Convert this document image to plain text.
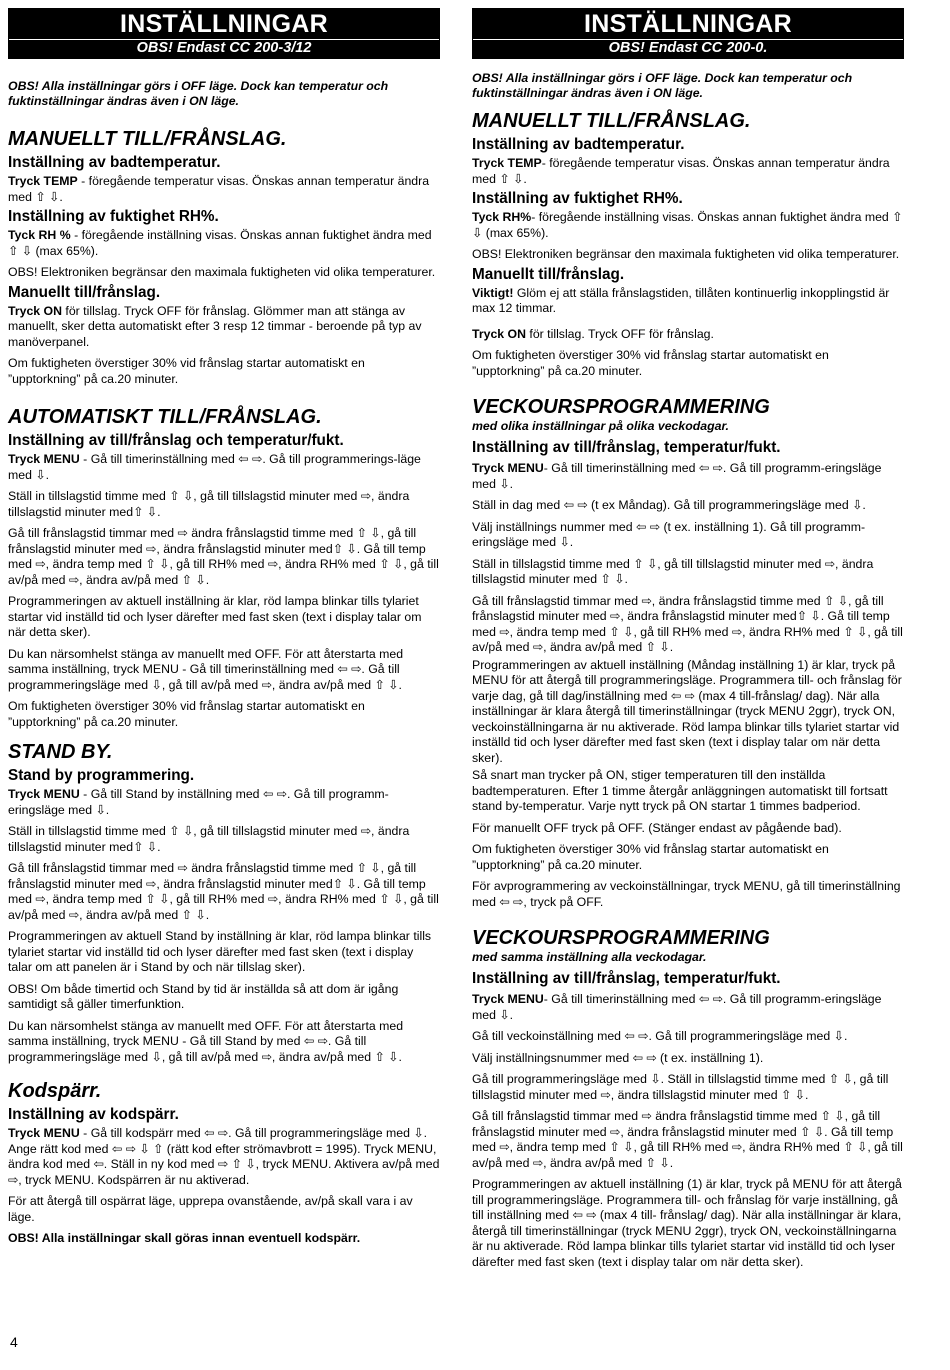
INSTÄLLNINGAR
OBS! Endast CC 200-3/12
OBS! Alla inställningar görs i OFF läge. Dock kan temperatur och fuktinställningar ändras även i ON läge.
MANUELLT TILL/FRÅNSLAG.
Inställning av badtemperatur.
Tryck TEMP - föregående temperatur visas. Önskas annan temperatur ändra med ⇧ ⇩.
Inställning av fuktighet RH%.
Tyck RH % - föregående inställning visas. Önskas annan fuktighet ändra med ⇧ ⇩ (max 65%).
OBS! Elektroniken begränsar den maximala fuktigheten vid olika temperaturer.
Manuellt till/frånslag.
Tryck ON för tillslag. Tryck OFF för frånslag. Glömmer man att stänga av manuellt, sker detta automatiskt efter 3 resp 12 timmar - beroende på typ av manöverpanel.
Om fuktigheten överstiger 30% vid frånslag startar automatiskt en ”upptorkning” på ca.20 minuter.
AUTOMATISKT TILL/FRÅNSLAG.
Inställning av till/frånslag och temperatur/fukt.
Tryck MENU - Gå till timerinställning med ⇦ ⇨. Gå till programmerings-läge med ⇩.
Ställ in tillslagstid timme med ⇧ ⇩, gå till tillslagstid minuter med ⇨, ändra tillslagstid minuter med⇧ ⇩.
Gå till frånslagstid timmar med ⇨ ändra frånslagstid timme med ⇧ ⇩, gå till frånslagstid minuter med ⇨, ändra frånslagstid minuter med⇧ ⇩. Gå till temp med ⇨, ändra temp med ⇧ ⇩, gå till RH% med ⇨, ändra RH% med ⇧ ⇩, gå till av/på med ⇨, ändra av/på med ⇧ ⇩.
Programmeringen av aktuell inställning är klar, röd lampa blinkar tills tylariet startar vid inställd tid och lyser därefter med fast sken (text i display talar om när detta sker).
Du kan närsomhelst stänga av manuellt med OFF. För att återstarta med samma inställning, tryck MENU - Gå till timerinställning med ⇦ ⇨. Gå till programmeringsläge med ⇩, gå till av/på med ⇨, ändra av/på med ⇧ ⇩.
Om fuktigheten överstiger 30% vid frånslag startar automatiskt en ”upptorkning” på ca.20 minuter.
STAND BY.
Stand by programmering.
Tryck MENU - Gå till Stand by inställning med ⇦ ⇨. Gå till programm-eringsläge med ⇩.
Ställ in tillslagstid timme med ⇧ ⇩, gå till tillslagstid minuter med ⇨, ändra tillslagstid minuter med⇧ ⇩.
Gå till frånslagstid timmar med ⇨ ändra frånslagstid timme med ⇧ ⇩, gå till frånslagstid minuter med ⇨, ändra frånslagstid minuter med⇧ ⇩. Gå till temp med ⇨, ändra temp med ⇧ ⇩, gå till RH% med ⇨, ändra RH% med ⇧ ⇩, gå till av/på med ⇨, ändra av/på med ⇧ ⇩.
Programmeringen av aktuell Stand by inställning är klar, röd lampa blinkar tills tylariet startar vid inställd tid och lyser därefter med fast sken (text i display talar om att panelen är i Stand by och när tillslag sker).
OBS! Om både timertid och Stand by tid är inställda så att dom är igång samtidigt så gäller timerfunktion.
Du kan närsomhelst stänga av manuellt med OFF. För att återstarta med samma inställning, tryck MENU - Gå till Stand by med ⇦ ⇨. Gå till programmeringsläge med ⇩, gå till av/på med ⇨, ändra av/på med ⇧ ⇩.
Kodspärr.
Inställning av kodspärr.
Tryck MENU - Gå till kodspärr med ⇦ ⇨. Gå till programmeringsläge med ⇩. Ange rätt kod med ⇦ ⇨ ⇩ ⇧ (rätt kod efter strömavbrott = 1995). Tryck MENU, ändra kod med ⇦. Ställ in ny kod med ⇨ ⇧ ⇩, tryck MENU. Aktivera av/på med ⇨, tryck MENU. Kodspärren är nu aktiverad.
För att återgå till ospärrat läge, upprepa ovanstående, av/på skall vara i av läge.
OBS! Alla inställningar skall göras innan eventuell kodspärr.
INSTÄLLNINGAR
OBS! Endast CC 200-0.
OBS! Alla inställningar görs i OFF läge. Dock kan temperatur och fuktinställningar ändras även i ON läge.
MANUELLT TILL/FRÅNSLAG.
Inställning av badtemperatur.
Tryck TEMP- föregående temperatur visas. Önskas annan temperatur ändra med ⇧ ⇩.
Inställning av fuktighet RH%.
Tyck RH%- föregående inställning visas. Önskas annan fuktighet ändra med ⇧ ⇩ (max 65%).
OBS! Elektroniken begränsar den maximala fuktigheten vid olika temperaturer.
Manuellt till/frånslag.
Viktigt! Glöm ej att ställa frånslagstiden, tillåten kontinuerlig inkopplingstid är max 12 timmar.
Tryck ON för tillslag. Tryck OFF för frånslag.
Om fuktigheten överstiger 30% vid frånslag startar automatiskt en ”upptorkning” på ca.20 minuter.
VECKOURSPROGRAMMERING
med olika inställningar på olika veckodagar.
Inställning av till/frånslag, temperatur/fukt.
Tryck MENU- Gå till timerinställning med ⇦ ⇨. Gå till programm-eringsläge med ⇩.
Ställ in dag med ⇦ ⇨ (t ex Måndag). Gå till programmeringsläge med ⇩.
Välj inställnings nummer med ⇦ ⇨ (t ex. inställning 1). Gå till programm-eringsläge med ⇩.
Ställ in tillslagstid timme med ⇧ ⇩, gå till tillslagstid minuter med ⇨, ändra tillslagstid minuter med ⇧ ⇩.
Gå till frånslagstid timmar med ⇨, ändra frånslagstid timme med ⇧ ⇩, gå till frånslagstid minuter med ⇨, ändra frånslagstid minuter med⇧ ⇩. Gå till temp med ⇨, ändra temp med ⇧ ⇩, gå till RH% med ⇨, ändra RH% med ⇧ ⇩, gå till av/på med ⇨, ändra av/på med ⇧ ⇩.
Programmeringen av aktuell inställning (Måndag inställning 1) är klar, tryck på MENU för att återgå till programmeringsläge. Programmera till- och frånslag för varje dag, gå till dag/inställning med ⇦ ⇨ (max 4 till-frånslag/ dag). När alla inställningar är klara återgå till timerinställningar (tryck MENU 2ggr), tryck ON, veckoinställningarna är nu aktiverade. Röd lampa blinkar tills tylariet startar vid inställd tid och lyser därefter med fast sken (text i display talar om när detta sker).
Så snart man trycker på ON, stiger temperaturen till den inställda badtemperaturen. Efter 1 timme återgår anläggningen automatiskt till fortsatt stand by-temperatur. Varje nytt tryck på ON startar 1 timmes badperiod.
För manuellt OFF tryck på OFF. (Stänger endast av pågående bad).
Om fuktigheten överstiger 30% vid frånslag startar automatiskt en ”upptorkning” på ca.20 minuter.
För avprogrammering av veckoinställningar, tryck MENU, gå till timerinställning med ⇦ ⇨, tryck på OFF.
VECKOURSPROGRAMMERING
med samma inställning alla veckodagar.
Inställning av till/frånslag, temperatur/fukt.
Tryck MENU- Gå till timerinställning med ⇦ ⇨. Gå till programm-eringsläge med ⇩.
Gå till veckoinställning med ⇦ ⇨. Gå till programmeringsläge med ⇩.
Välj inställningsnummer med ⇦ ⇨ (t ex. inställning 1).
Gå till programmeringsläge med ⇩. Ställ in tillslagstid timme med ⇧ ⇩, gå till tillslagstid minuter med ⇨, ändra tillslagstid minuter med ⇧ ⇩.
Gå till frånslagstid timmar med ⇨ ändra frånslagstid timme med ⇧ ⇩, gå till frånslagstid minuter med ⇨, ändra frånslagstid minuter med ⇧ ⇩. Gå till temp med ⇨, ändra temp med ⇧ ⇩, gå till RH% med ⇨, ändra RH% med ⇧ ⇩, gå till av/på med ⇨, ändra av/på med ⇧ ⇩.
Programmeringen av aktuell inställning (1) är klar, tryck på MENU för att återgå till programmeringsläge. Programmera till- och frånslag för varje inställning, gå till inställning med ⇦ ⇨ (max 4 till- frånslag/ dag). När alla inställningar är klara, återgå till timerinställningar (tryck MENU 2ggr), tryck ON, veckoinställningarna är nu aktiverade. Röd lampa blinkar tills tylariet startar vid inställd tid och lyser därefter med fast sken (text i display talar om när detta sker).
4
